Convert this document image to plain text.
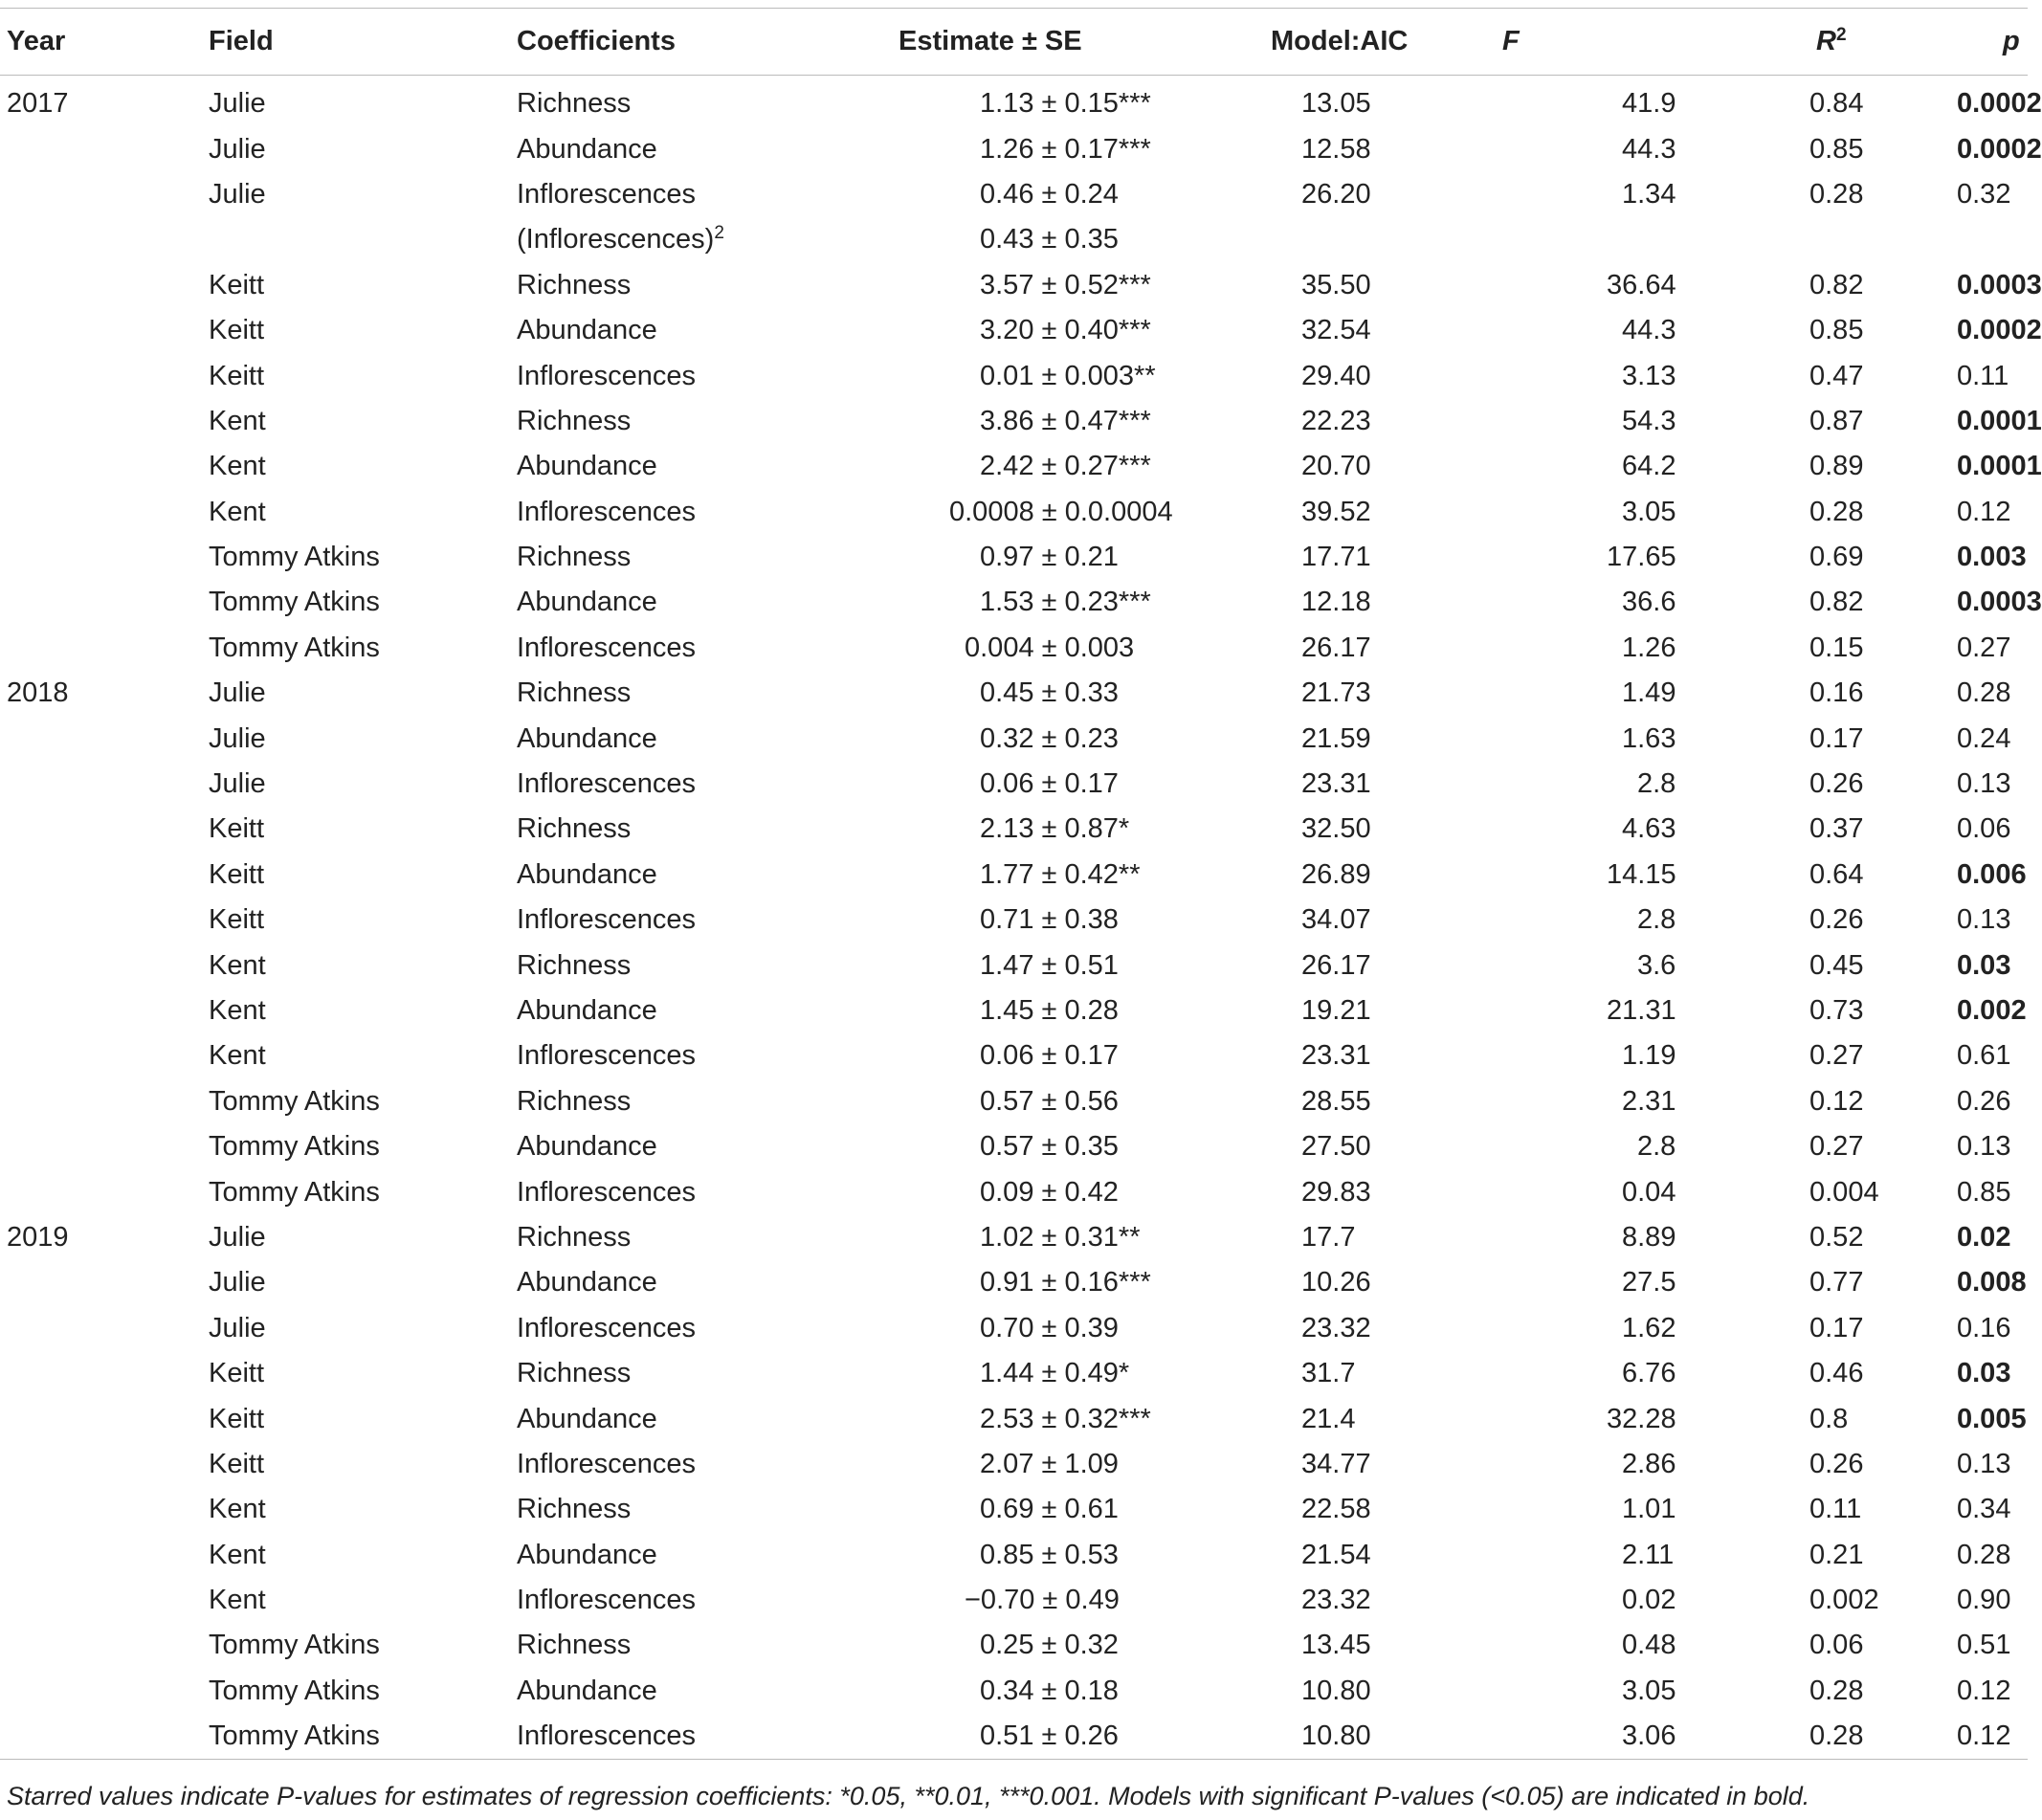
Year	Field	Coefficients	Estimate ± SE	Model:AIC	F	$R^2$	p
2017	Julie	Richness	1.13 ± 0.15***	13.05	41.9	0.84	0.0002
	Julie	Abundance	1.26 ± 0.17***	12.58	44.3	0.85	0.0002
	Julie	Inflorescences	0.46 ± 0.24	26.20	1.34	0.28	0.32
		(Inflorescences)$^2$	0.43 ± 0.35				
	Keitt	Richness	3.57 ± 0.52***	35.50	36.64	0.82	0.0003
	Keitt	Abundance	3.20 ± 0.40***	32.54	44.3	0.85	0.0002
	Keitt	Inflorescences	0.01 ± 0.003**	29.40	3.13	0.47	0.11
	Kent	Richness	3.86 ± 0.47***	22.23	54.3	0.87	0.0001
	Kent	Abundance	2.42 ± 0.27***	20.70	64.2	0.89	0.0001
	Kent	Inflorescences	0.0008 ± 0.0.0004	39.52	3.05	0.28	0.12
	Tommy Atkins	Richness	0.97 ± 0.21	17.71	17.65	0.69	0.003
	Tommy Atkins	Abundance	1.53 ± 0.23***	12.18	36.6	0.82	0.0003
	Tommy Atkins	Inflorescences	0.004 ± 0.003	26.17	1.26	0.15	0.27
2018	Julie	Richness	0.45 ± 0.33	21.73	1.49	0.16	0.28
	Julie	Abundance	0.32 ± 0.23	21.59	1.63	0.17	0.24
	Julie	Inflorescences	0.06 ± 0.17	23.31	2.8	0.26	0.13
	Keitt	Richness	2.13 ± 0.87*	32.50	4.63	0.37	0.06
	Keitt	Abundance	1.77 ± 0.42**	26.89	14.15	0.64	0.006
	Keitt	Inflorescences	0.71 ± 0.38	34.07	2.8	0.26	0.13
	Kent	Richness	1.47 ± 0.51	26.17	3.6	0.45	0.03
	Kent	Abundance	1.45 ± 0.28	19.21	21.31	0.73	0.002
	Kent	Inflorescences	0.06 ± 0.17	23.31	1.19	0.27	0.61
	Tommy Atkins	Richness	0.57 ± 0.56	28.55	2.31	0.12	0.26
	Tommy Atkins	Abundance	0.57 ± 0.35	27.50	2.8	0.27	0.13
	Tommy Atkins	Inflorescences	0.09 ± 0.42	29.83	0.04	0.004	0.85
2019	Julie	Richness	1.02 ± 0.31**	17.7	8.89	0.52	0.02
	Julie	Abundance	0.91 ± 0.16***	10.26	27.5	0.77	0.008
	Julie	Inflorescences	0.70 ± 0.39	23.32	1.62	0.17	0.16
	Keitt	Richness	1.44 ± 0.49*	31.7	6.76	0.46	0.03
	Keitt	Abundance	2.53 ± 0.32***	21.4	32.28	0.8	0.005
	Keitt	Inflorescences	2.07 ± 1.09	34.77	2.86	0.26	0.13
	Kent	Richness	0.69 ± 0.61	22.58	1.01	0.11	0.34
	Kent	Abundance	0.85 ± 0.53	21.54	2.11	0.21	0.28
	Kent	Inflorescences	−0.70 ± 0.49	23.32	0.02	0.002	0.90
	Tommy Atkins	Richness	0.25 ± 0.32	13.45	0.48	0.06	0.51
	Tommy Atkins	Abundance	0.34 ± 0.18	10.80	3.05	0.28	0.12
	Tommy Atkins	Inflorescences	0.51 ± 0.26	10.80	3.06	0.28	0.12
Starred values indicate P-values for estimates of regression coefficients: *0.05, **0.01, ***0.001. Models with significant P-values (<0.05) are indicated in bold.
